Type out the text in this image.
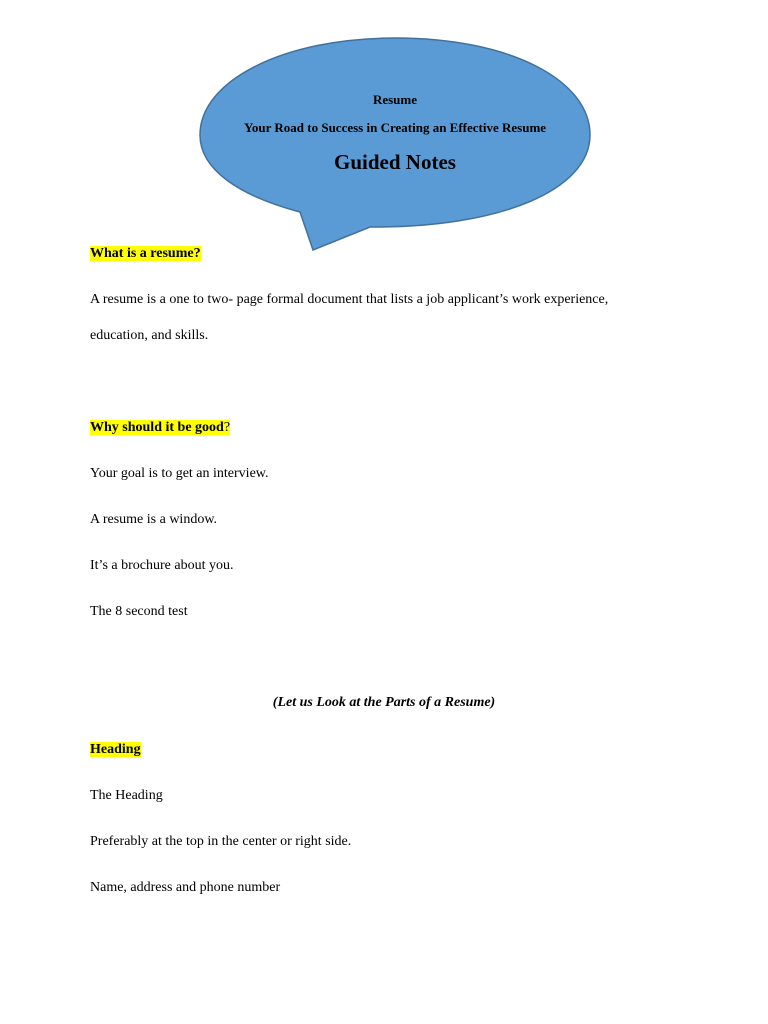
Resume
Your Road to Success in Creating an Effective Resume
Guided Notes
What is a resume?
A resume is a one to two- page formal document that lists a job applicant’s work experience,
education, and skills.
Why should it be good?
Your goal is to get an interview.
A resume is a window.
It’s a brochure about you.
The 8 second test
(Let us Look at the Parts of a Resume)
Heading
The Heading
Preferably at the top in the center or right side.
Name, address and phone number
